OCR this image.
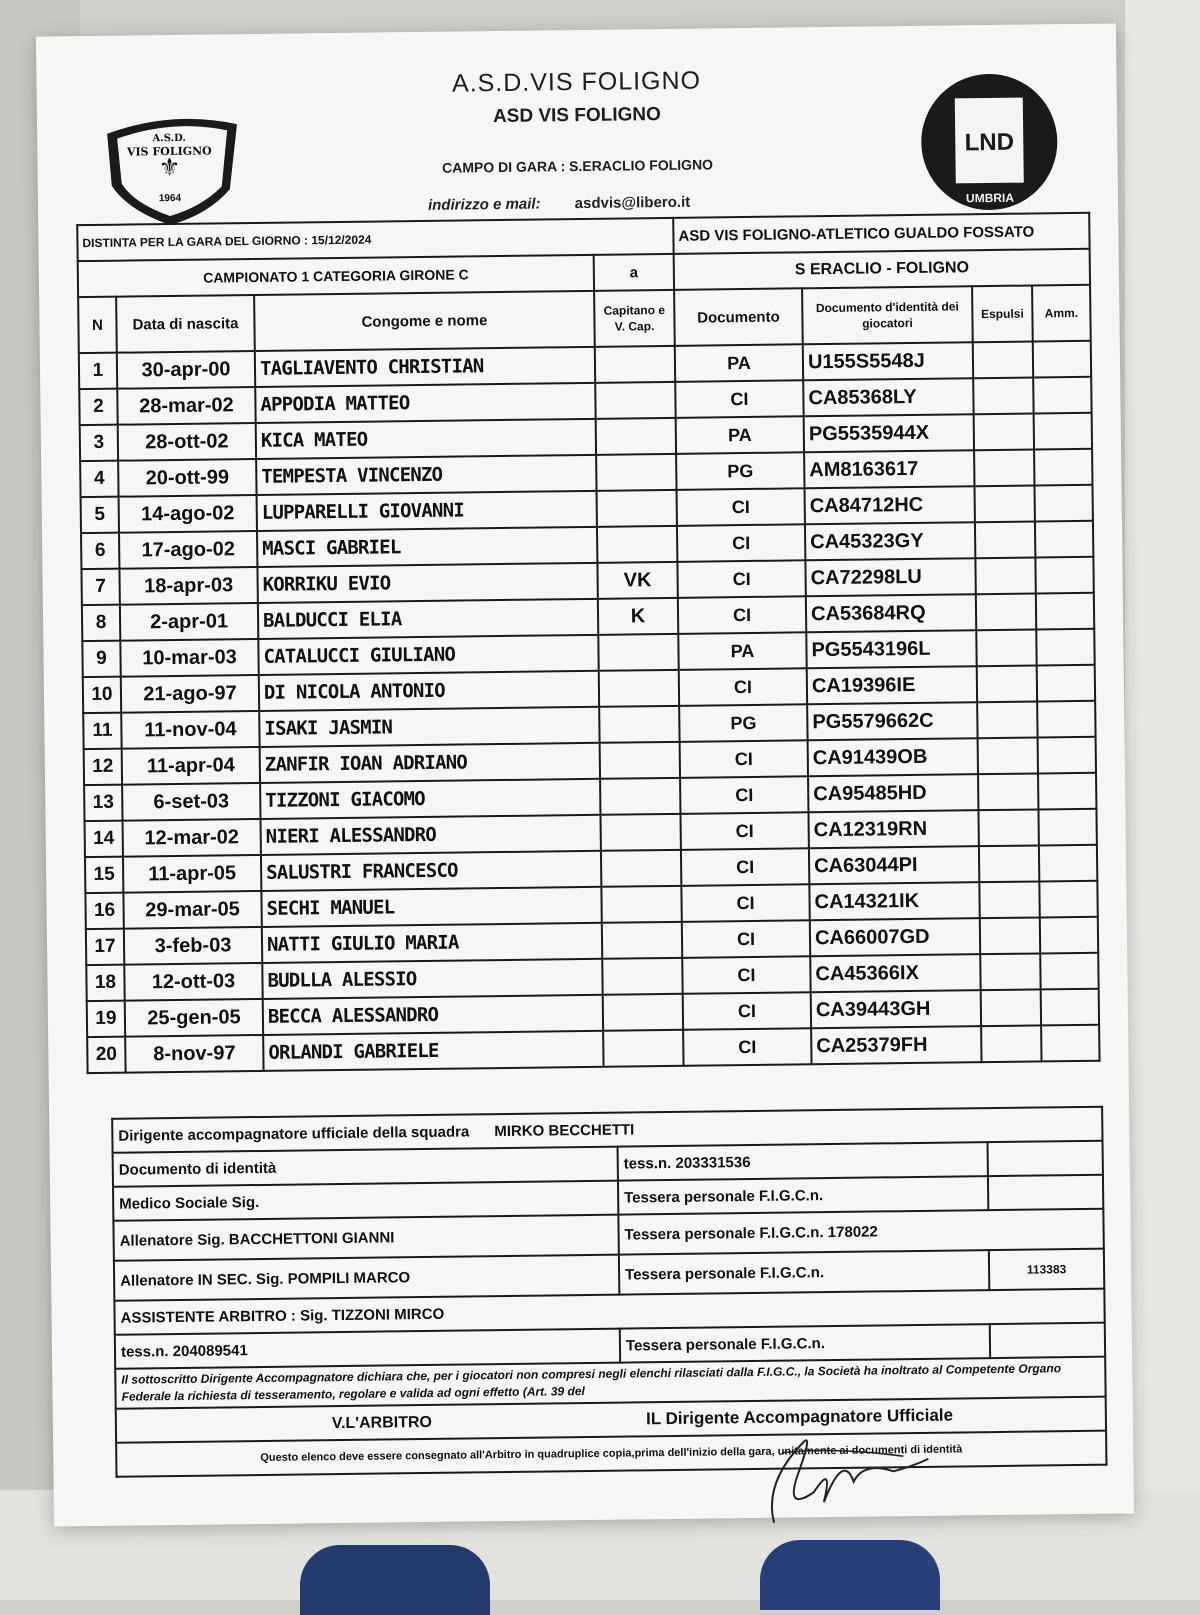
A.S.D.
VIS FOLIGNO
⚜
1964
A.S.D.VIS FOLIGNO
ASD VIS FOLIGNO
CAMPO DI GARA : S.ERACLIO FOLIGNO
indirizzo e mail: asdvis@libero.it
LND
UMBRIA
DISTINTA PER LA GARA DEL GIORNO : 15/12/2024				ASD VIS FOLIGNO-ATLETICO GUALDO FOSSATO			
CAMPIONATO 1 CATEGORIA GIRONE C			a	S ERACLIO - FOLIGNO			
N	Data di nascita	Congome e nome	Capitano e V. Cap.	Documento	Documento d'identità dei giocatori	Espulsi	Amm.
1	30-apr-00	TAGLIAVENTO CHRISTIAN		PA	U155S5548J		
2	28-mar-02	APPODIA MATTEO		CI	CA85368LY		
3	28-ott-02	KICA MATEO		PA	PG5535944X		
4	20-ott-99	TEMPESTA VINCENZO		PG	AM8163617		
5	14-ago-02	LUPPARELLI GIOVANNI		CI	CA84712HC		
6	17-ago-02	MASCI GABRIEL		CI	CA45323GY		
7	18-apr-03	KORRIKU EVIO	VK	CI	CA72298LU		
8	2-apr-01	BALDUCCI ELIA	K	CI	CA53684RQ		
9	10-mar-03	CATALUCCI GIULIANO		PA	PG5543196L		
10	21-ago-97	DI NICOLA ANTONIO		CI	CA19396IE		
11	11-nov-04	ISAKI JASMIN		PG	PG5579662C		
12	11-apr-04	ZANFIR IOAN ADRIANO		CI	CA91439OB		
13	6-set-03	TIZZONI GIACOMO		CI	CA95485HD		
14	12-mar-02	NIERI ALESSANDRO		CI	CA12319RN		
15	11-apr-05	SALUSTRI FRANCESCO		CI	CA63044PI		
16	29-mar-05	SECHI MANUEL		CI	CA14321IK		
17	3-feb-03	NATTI GIULIO MARIA		CI	CA66007GD		
18	12-ott-03	BUDLLA ALESSIO		CI	CA45366IX		
19	25-gen-05	BECCA ALESSANDRO		CI	CA39443GH		
20	8-nov-97	ORLANDI GABRIELE		CI	CA25379FH		
Dirigente accompagnatore ufficiale della squadra MIRKO BECCHETTI		
Documento di identità	tess.n. 203331536	
Medico Sociale Sig.	Tessera personale F.I.G.C.n.	
Allenatore Sig. BACCHETTONI GIANNI	Tessera personale F.I.G.C.n. 178022	
Allenatore IN SEC. Sig. POMPILI MARCO	Tessera personale F.I.G.C.n.	113383
ASSISTENTE ARBITRO : Sig. TIZZONI MIRCO		
tess.n. 204089541	Tessera personale F.I.G.C.n.	
Il sottoscritto Dirigente Accompagnatore dichiara che, per i giocatori non compresi negli elenchi rilasciati dalla F.I.G.C., la Società ha inoltrato al Competente Organo Federale la richiesta di tesseramento, regolare e valida ad ogni effetto (Art. 39 del		
V.L'ARBITRO IL Dirigente Accompagnatore Ufficiale		
Questo elenco deve essere consegnato all'Arbitro in quadruplice copia,prima dell'inizio della gara, unitamente ai documenti di identità		
